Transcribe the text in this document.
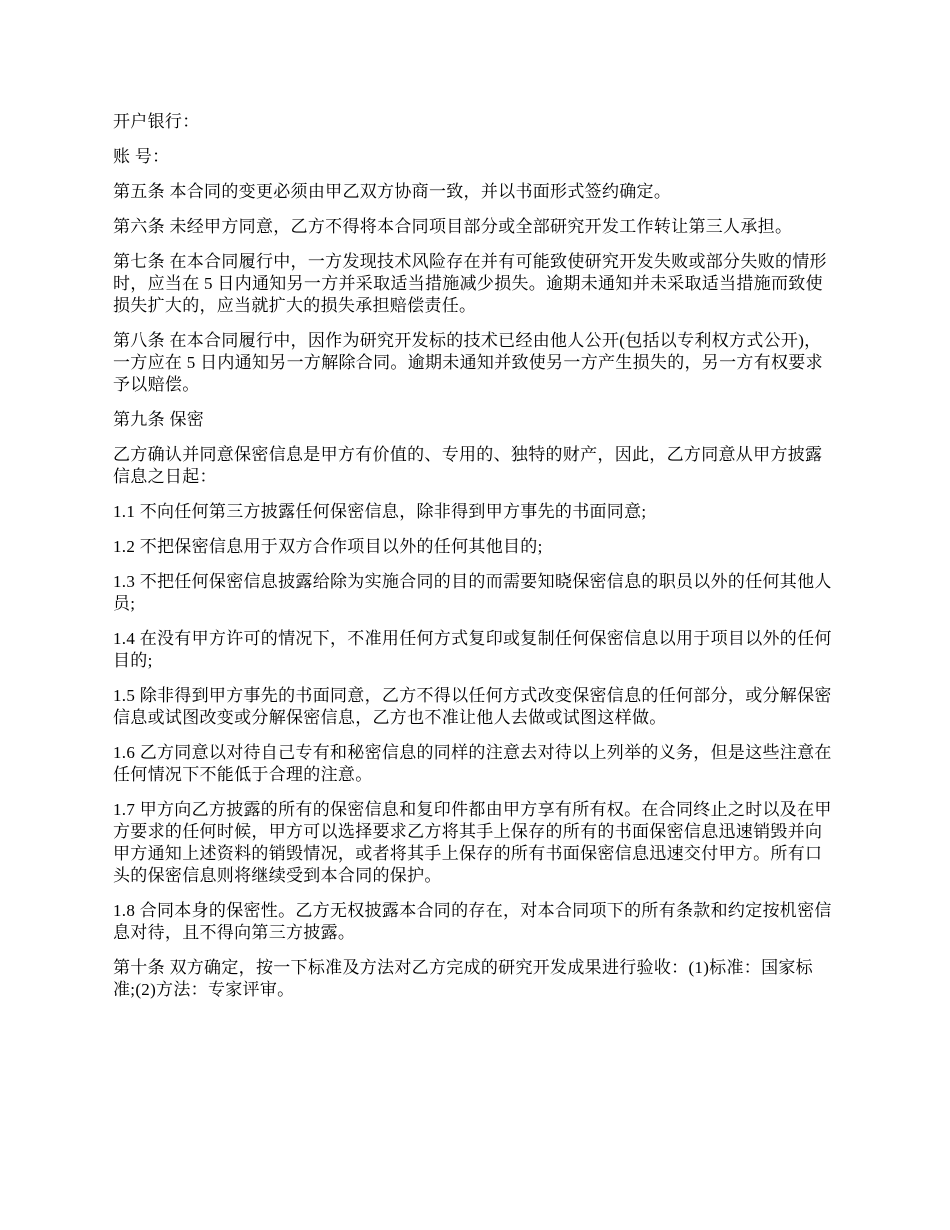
开户银行：

账 号：

第五条 本合同的变更必须由甲乙双方协商一致，并以书面形式签约确定。

第六条 未经甲方同意，乙方不得将本合同项目部分或全部研究开发工作转让第三人承担。

第七条 在本合同履行中，一方发现技术风险存在并有可能致使研究开发失败或部分失败的情形时，应当在 5 日内通知另一方并采取适当措施减少损失。逾期未通知并未采取适当措施而致使损失扩大的，应当就扩大的损失承担赔偿责任。

第八条 在本合同履行中，因作为研究开发标的技术已经由他人公开(包括以专利权方式公开)，一方应在 5 日内通知另一方解除合同。逾期未通知并致使另一方产生损失的，另一方有权要求予以赔偿。

第九条 保密

乙方确认并同意保密信息是甲方有价值的、专用的、独特的财产，因此，乙方同意从甲方披露信息之日起：

1.1 不向任何第三方披露任何保密信息，除非得到甲方事先的书面同意;

1.2 不把保密信息用于双方合作项目以外的任何其他目的;

1.3 不把任何保密信息披露给除为实施合同的目的而需要知晓保密信息的职员以外的任何其他人员;

1.4 在没有甲方许可的情况下，不准用任何方式复印或复制任何保密信息以用于项目以外的任何目的;

1.5 除非得到甲方事先的书面同意，乙方不得以任何方式改变保密信息的任何部分，或分解保密信息或试图改变或分解保密信息，乙方也不准让他人去做或试图这样做。

1.6 乙方同意以对待自己专有和秘密信息的同样的注意去对待以上列举的义务，但是这些注意在任何情况下不能低于合理的注意。

1.7 甲方向乙方披露的所有的保密信息和复印件都由甲方享有所有权。在合同终止之时以及在甲方要求的任何时候，甲方可以选择要求乙方将其手上保存的所有的书面保密信息迅速销毁并向甲方通知上述资料的销毁情况，或者将其手上保存的所有书面保密信息迅速交付甲方。所有口头的保密信息则将继续受到本合同的保护。

1.8 合同本身的保密性。乙方无权披露本合同的存在，对本合同项下的所有条款和约定按机密信息对待，且不得向第三方披露。

第十条 双方确定，按一下标准及方法对乙方完成的研究开发成果进行验收：(1)标准：国家标准;(2)方法：专家评审。
